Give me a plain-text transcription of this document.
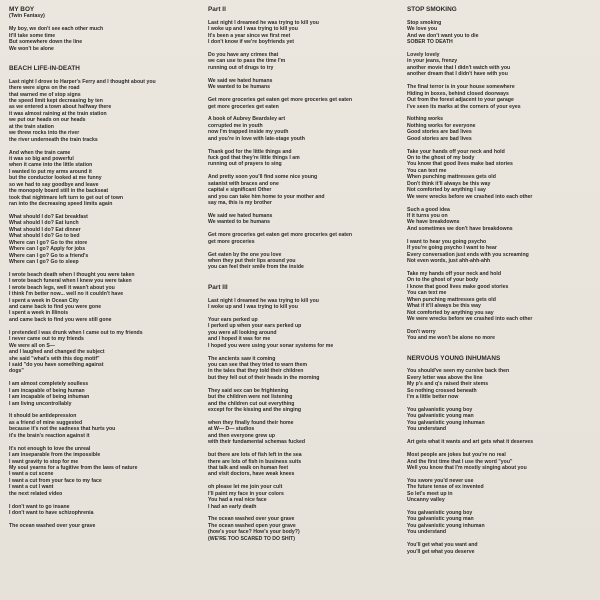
MY BOY
(Twin Fantasy)
My boy, we don't see each other much
It'll take some time
But somewhere down the line
We won't be alone
BEACH LIFE-IN-DEATH
Last night I drove to Harper's Ferry and I thought about you
there were signs on the road
that warned me of stop signs
the speed limit kept decreasing by ten
as we entered a town about halfway there
it was almost raining at the train station
we put our heads on our heads
at the train station
we threw rocks into the river
the river underneath the train tracks
And when the train came
it was so big and powerful
when it came into the little station
I wanted to put my arms around it
but the conductor looked at me funny
so we had to say goodbye and leave
the monopoly board still in the backseat
took that nightmare left turn to get out of town
ran into the decreasing speed limits again
What should I do? Eat breakfast
What should I do? Eat lunch
What should I do? Eat dinner
What should I do? Go to bed
Where can I go? Go to the store
Where can I go? Apply for jobs
Where can I go? Go to a friend's
Where can I go? Go to sleep
I wrote beach death when I thought you were taken
I wrote beach funeral when I knew you were taken
I wrote beach legs, well it wasn't about you
I think I'm better now... well no it couldn't have
I spent a week in Ocean City
and came back to find you were gone
I spent a week in Illinois
and came back to find you were still gone
I pretended I was drunk when I came out to my friends
I never came out to my friends
We were all on S—
and I laughed and changed the subject
she said "what's with this dog motif"
I said "do you have something against
dogs"
I am almost completely soulless
I am incapable of being human
I am incapable of being inhuman
I am living uncontrollably
It should be antidepression
as a friend of mine suggested
because it's not the sadness that hurts you
it's the brain's reaction against it
It's not enough to love the unreal
I am inseparable from the impossible
I want gravity to stop for me
My soul yearns for a fugitive from the laws of nature
I want a cut scene
I want a cut from your face to my face
I want a cut I want
the next related video
I don't want to go insane
I don't want to have schizophrenia
The ocean washed over your grave
Part II
Last night I dreamed he was trying to kill you
I woke up and I was trying to kill you
It's been a year since we first met
I don't know if we're boyfriends yet
Do you have any crimes that
we can use to pass the time I'm
running out of drugs to try
We said we hated humans
We wanted to be humans
Get more groceries get eaten get more groceries get eaten
get more groceries get eaten
A book of Aubrey Beardsley art
corrupted me in youth
now I'm trapped inside my youth
and you're in love with late-stage youth
Thank god for the little things and
fuck god that they're little things I am
running out of prayers to sing
And pretty soon you'll find some nice young
satanist with braces and one
capital e significant Other
and you can take him home to your mother and
say ma, this is my brother
We said we hated humans
We wanted to be humans
Get more groceries get eaten get more groceries get eaten
get more groceries
Get eaten by the one you love
when they put their lips around you
you can feel their smile from the inside
Part III
Last night I dreamed he was trying to kill you
I woke up and I was trying to kill you
Your ears perked up
I perked up when your ears perked up
you were all looking around
and I hoped it was for me
I hoped you were using your sonar systems for me
The ancients saw it coming
you can see that they tried to warn them
in the tales that they told their children
but they fell out of their heads in the morning
They said sex can be frightening
but the children were not listening
and the children cut out everything
except for the kissing and the singing
when they finally found their home
at W— D— studios
and then everyone grew up
with their fundamental schemas fucked
but there are lots of fish left in the sea
there are lots of fish in business suits
that talk and walk on human feet
and visit doctors, have weak knees
oh please let me join your cult
I'll paint my face in your colors
You had a real nice face
I had an early death
The ocean washed over your grave
The ocean washed open your grave
(how's your face? How's your body?)
(WE'RE TOO SCARED TO DO SHIT)
STOP SMOKING
Stop smoking
We love you
And we don't want you to die
SOBER TO DEATH
Lovely lovely
in your jeans, frenzy
another movie that I didn't watch with you
another dream that I didn't have with you
The final terror is in your house somewhere
Hiding in boxes, behind closed doorways
Out from the forest adjacent to your garage
I've seen its marks at the corners of your eyes
Nothing works
Nothing works for everyone
Good stories are bad lives
Good stories are bad lives
Take your hands off your neck and hold
On to the ghost of my body
You know that good lives make bad stories
You can text me
When punching mattresses gets old
Don't think it'll always be this way
Not comforted by anything I say
We were wrecks before we crashed into each other
Such a good idea
If it turns you on
We have breakdowns
And sometimes we don't have breakdowns
I want to hear you going psycho
If you're going psycho I want to hear
Every conversation just ends with you screaming
Not even words, just ahh-ahh-ahh
Take my hands off your neck and hold
On to the ghost of your body
I know that good lives make good stories
You can text me
When punching mattresses gets old
What if it'll always be this way
Not comforted by anything you say
We were wrecks before we crashed into each other
Don't worry
You and me won't be alone no more
NERVOUS YOUNG INHUMANS
You should've seen my cursive back then
Every letter was above the line
My p's and q's raised their stems
So nothing crossed beneath
I'm a little better now
You galvanistic young boy
You galvanistic young man
You galvanistic young inhuman
You understand
Art gets what it wants and art gets what it deserves
Most people are jokes but you're no real
And the first time that I use the word "you"
Well you know that I'm mostly singing about you
You swore you'd never use
The future tense of ex invented
So let's meet up in
Uncanny valley
You galvanistic young boy
You galvanistic young man
You galvanistic young inhuman
You understand
You'll get what you want and
you'll get what you deserve
